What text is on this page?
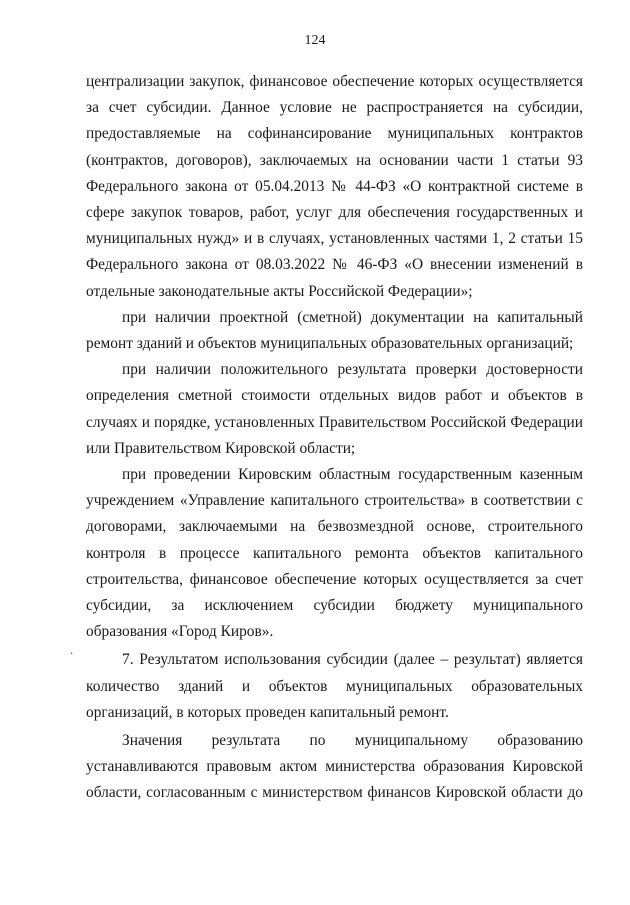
124
.

централизации закупок, финансовое обеспечение которых осуществляется за счет субсидии. Данное условие не распространяется на субсидии, предоставляемые на софинансирование муниципальных контрактов (контрактов, договоров), заключаемых на основании части 1 статьи 93 Федерального закона от 05.04.2013 № 44-ФЗ «О контрактной системе в сфере закупок товаров, работ, услуг для обеспечения государственных и муниципальных нужд» и в случаях, установленных частями 1, 2 статьи 15 Федерального закона от 08.03.2022 № 46-ФЗ «О внесении изменений в отдельные законодательные акты Российской Федерации»;

при наличии проектной (сметной) документации на капитальный ремонт зданий и объектов муниципальных образовательных организаций;

при наличии положительного результата проверки достоверности определения сметной стоимости отдельных видов работ и объектов в случаях и порядке, установленных Правительством Российской Федерации или Правительством Кировской области;

при проведении Кировским областным государственным казенным учреждением «Управление капитального строительства» в соответствии с договорами, заключаемыми на безвозмездной основе, строительного контроля в процессе капитального ремонта объектов капитального строительства, финансовое обеспечение которых осуществляется за счет субсидии, за исключением субсидии бюджету муниципального образования «Город Киров».

7. Результатом использования субсидии (далее – результат) является количество зданий и объектов муниципальных образовательных организаций, в которых проведен капитальный ремонт.

Значения результата по муниципальному образованию устанавливаются правовым актом министерства образования Кировской области, согласованным с министерством финансов Кировской области до
